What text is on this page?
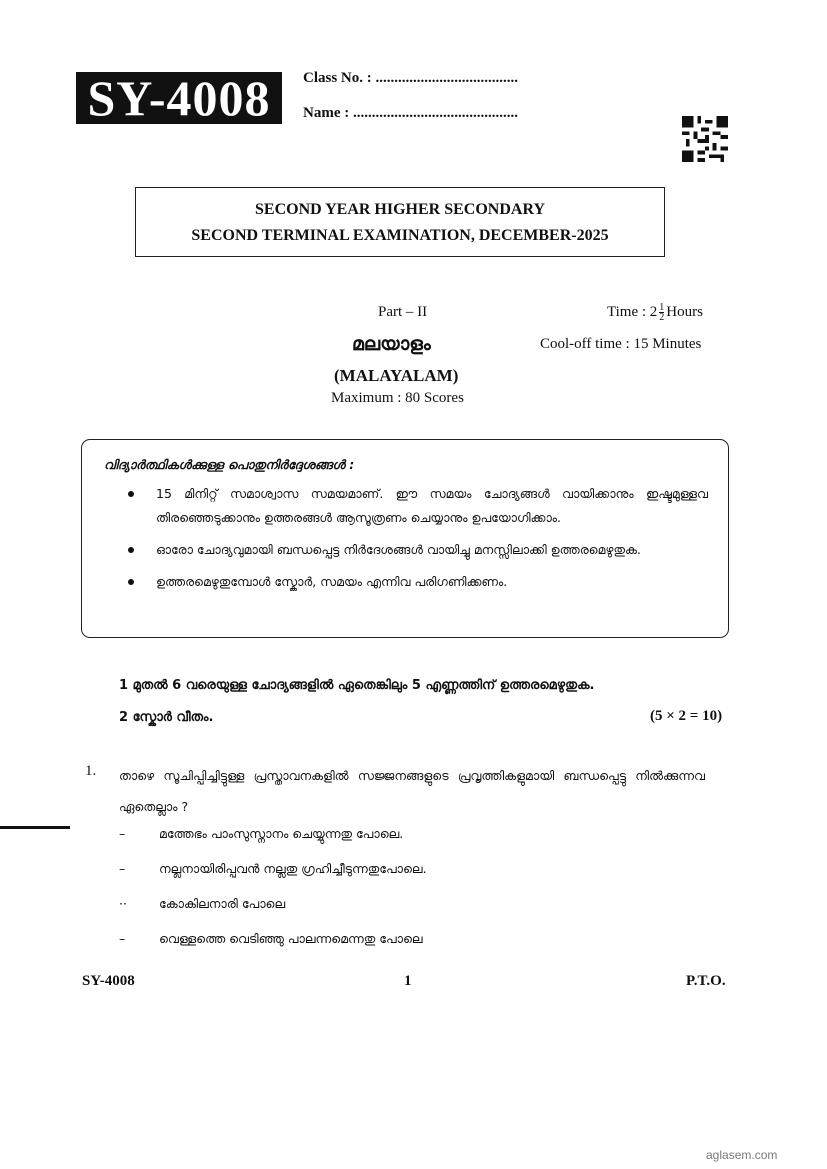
SY-4008	Class No. : ......................................
Name : ............................................
SECOND YEAR HIGHER SECONDARY
SECOND TERMINAL EXAMINATION, DECEMBER-2025
Part – II	Time : $2 \frac{1}{2}$ Hours
മലയാളം	Cool-off time : 15 Minutes
(MALAYALAM)
Maximum : 80 Scores
വിദ്യാർത്ഥികൾക്കുള്ള പൊതുനിർദ്ദേശങ്ങൾ :
15 മിനിറ്റ് സമാശ്വാസ സമയമാണ്. ഈ സമയം ചോദ്യങ്ങൾ വായിക്കാനും ഇഷ്ടമുള്ളവ തിരഞ്ഞെടുക്കാനും ഉത്തരങ്ങൾ ആസൂത്രണം ചെയ്യാനും ഉപയോഗിക്കാം.
ഓരോ ചോദ്യവുമായി ബന്ധപ്പെട്ട നിർദേശങ്ങൾ വായിച്ചു മനസ്സിലാക്കി ഉത്തരമെഴുതുക.
ഉത്തരമെഴുതുമ്പോൾ സ്കോർ, സമയം എന്നിവ പരിഗണിക്കണം.
1 മുതൽ 6 വരെയുള്ള ചോദ്യങ്ങളിൽ ഏതെങ്കിലും 5 എണ്ണത്തിന് ഉത്തരമെഴുതുക.
2 സ്കോർ വീതം.	(5 × 2 = 10)
1. താഴെ സൂചിപ്പിച്ചിട്ടുള്ള പ്രസ്താവനകളിൽ സജ്ജനങ്ങളുടെ പ്രവൃത്തികളുമായി ബന്ധപ്പെട്ടു നിൽക്കുന്നവ ഏതെല്ലാം ?
–	മത്തേഭം പാംസുസ്നാനം ചെയ്യുന്നതു പോലെ.
–	നല്ലനായിരിപ്പവൻ നല്ലതു ഗ്രഹിച്ചീടുന്നതുപോലെ.
··	കോകിലനാരി പോലെ
–	വെള്ളത്തെ വെടിഞ്ഞു പാലന്നമെന്നതു പോലെ
SY-4008	1	P.T.O.
aglasem.com
